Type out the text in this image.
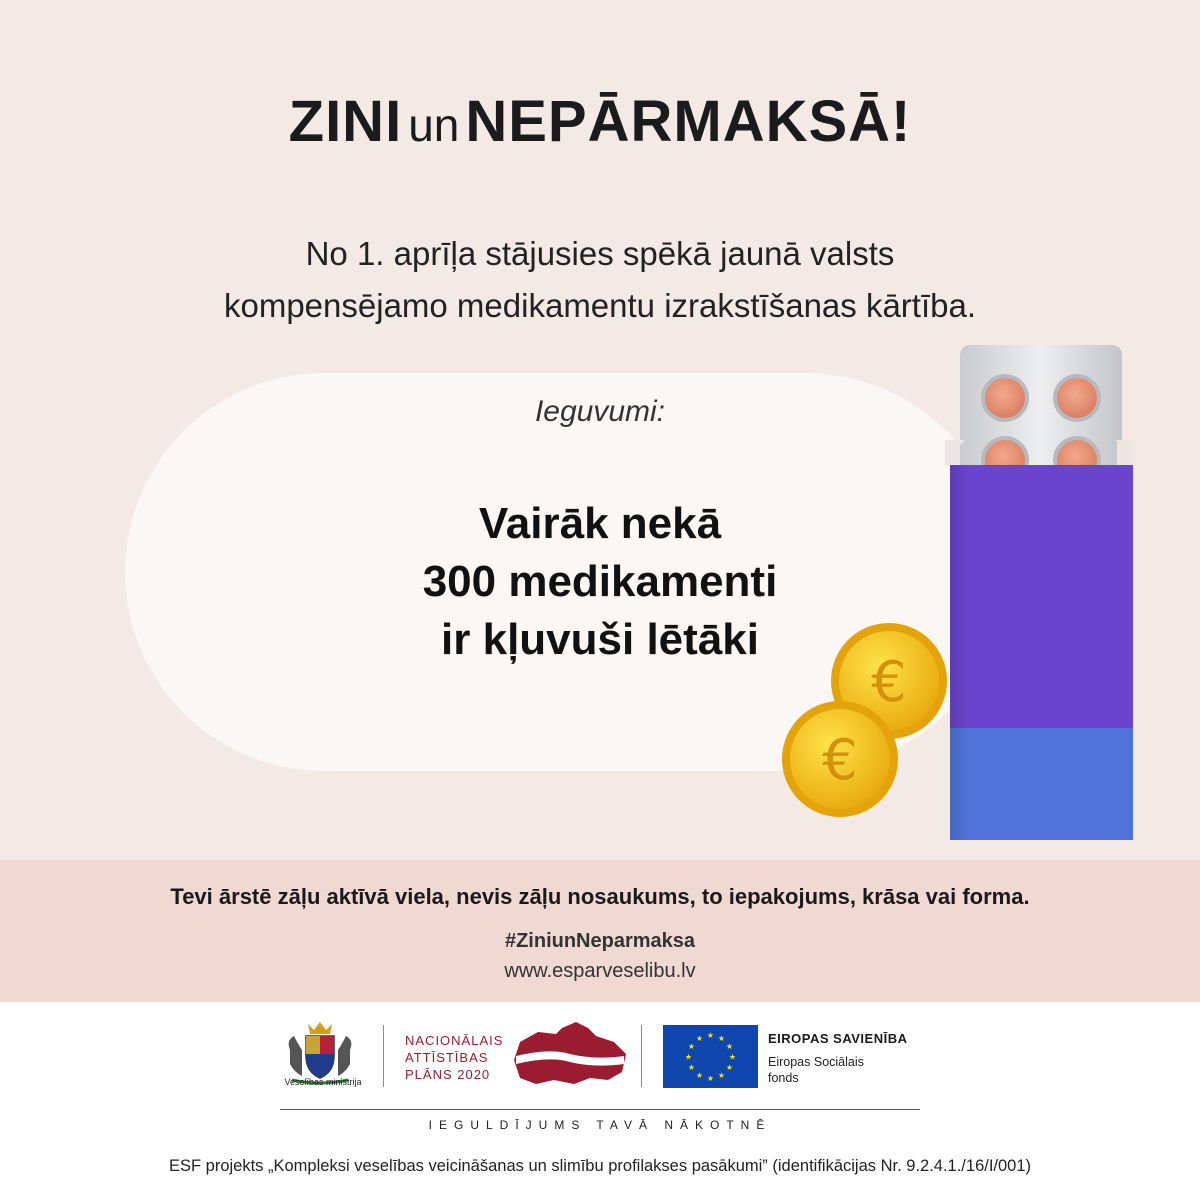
ZINI un NEPĀRMAKSĀ!
No 1. aprīļa stājusies spēkā jaunā valsts
kompensējamo medikamentu izrakstīšanas kārtība.
Ieguvumi:
Vairāk nekā
300 medikamenti
ir kļuvuši lētāki
€
€
Tevi ārstē zāļu aktīvā viela, nevis zāļu nosaukums, to iepakojums, krāsa vai forma.
#ZiniunNeparmaksa
www.esparveselibu.lv
Veselības ministrija
NACIONĀLAIS
ATTĪSTĪBAS
PLĀNS 2020
★ ★
★
★
★
★
★
★
★
★
★
★	EIROPAS SAVIENĪBA
Eiropas Sociālais
fonds
IEGULDĪJUMS TAVĀ NĀKOTNĒ
ESF projekts „Kompleksi veselības veicināšanas un slimību profilakses pasākumi” (identifikācijas Nr. 9.2.4.1./16/I/001)
